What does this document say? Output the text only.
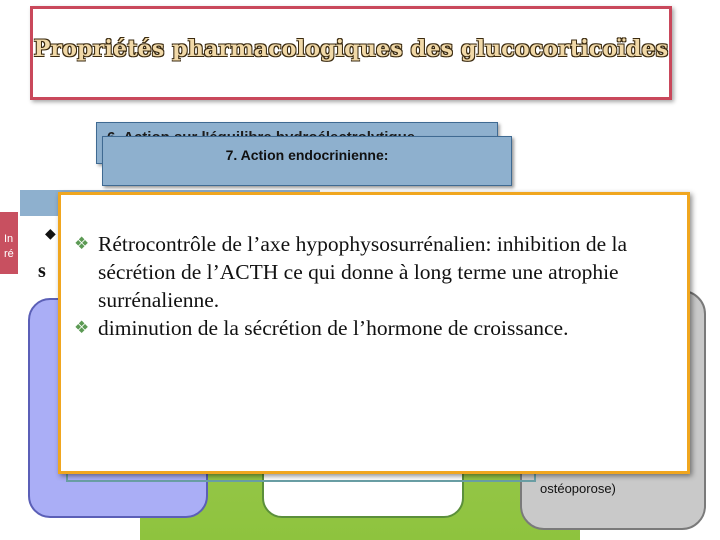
ostéoporose)
In
ré
Propriétés pharmacologiques des glucocorticoïdes
7. Action endocrinienne:
◆
s
❖
Rétrocontrôle de l’axe hypophysosurrénalien: inhibition de la sécrétion de l’ACTH ce qui donne à long terme une atrophie surrénalienne.
❖
diminution de la sécrétion de l’hormone de croissance.
